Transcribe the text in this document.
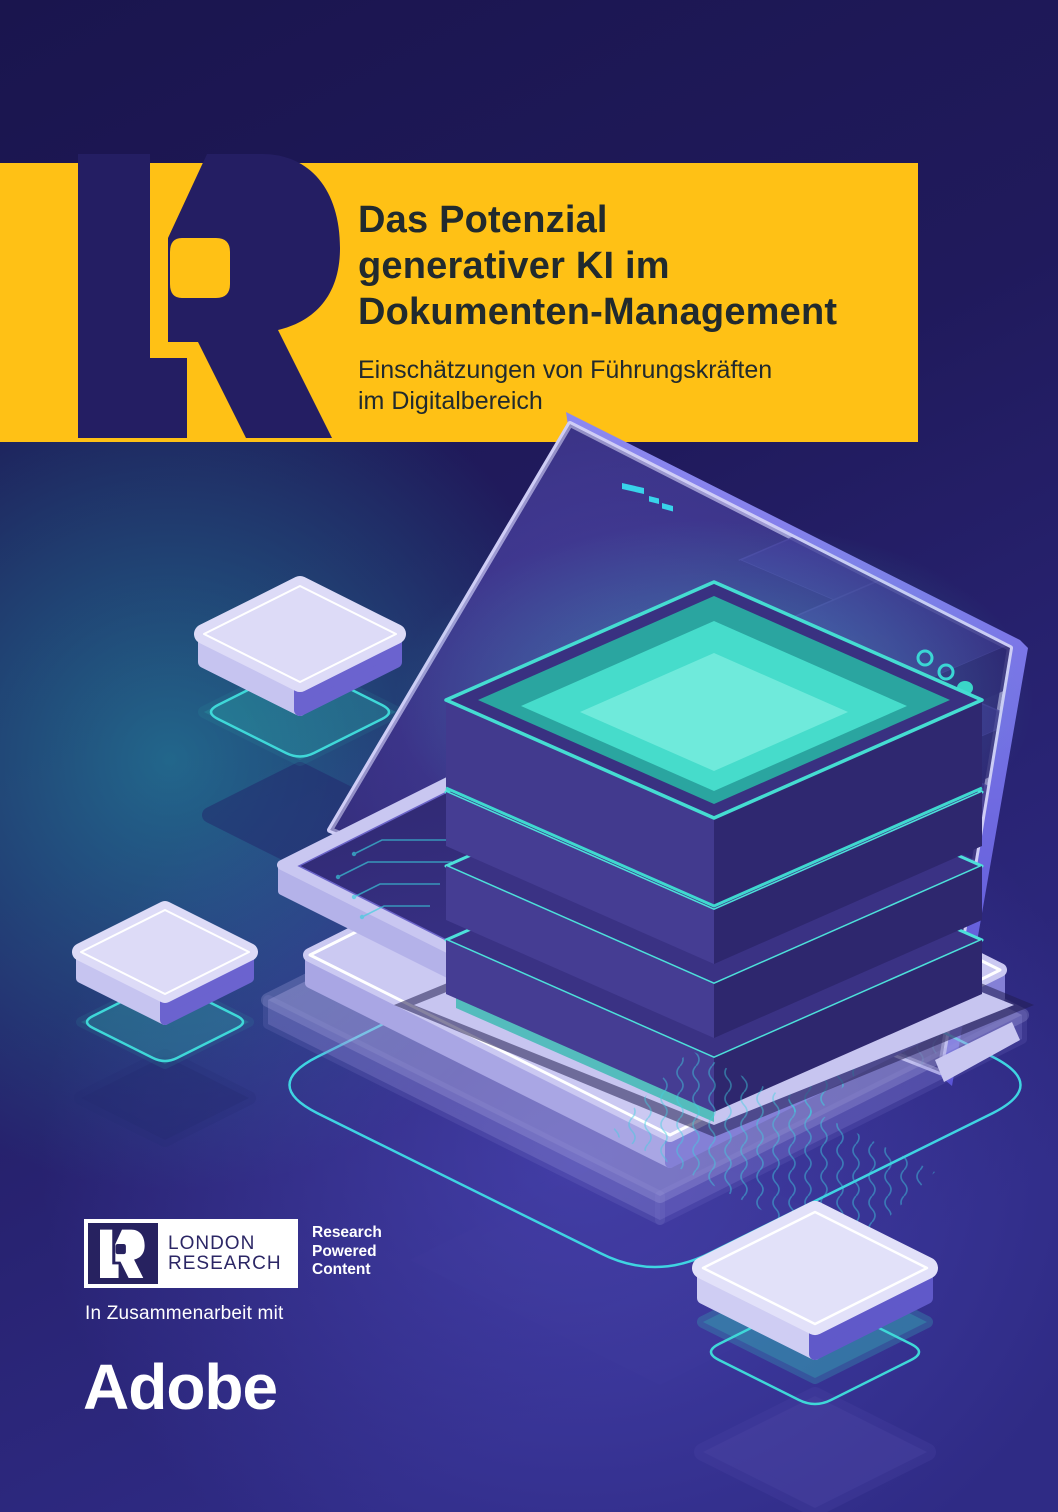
Das Potenzial
generativer KI im
Dokumenten-Management
Einschätzungen von Führungskräften
im Digitalbereich
LONDON
RESEARCH
Research
Powered
Content
In Zusammenarbeit mit
Adobe
